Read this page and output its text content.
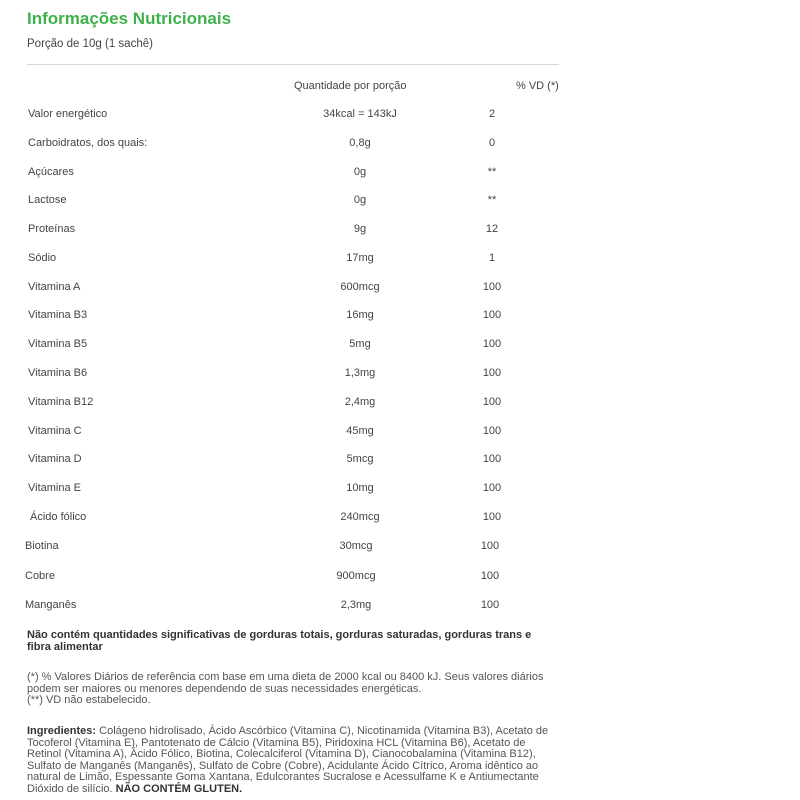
Informações Nutricionais
Porção de 10g (1 sachê)
Quantidade por porção	% VD (*)
Valor energético	34kcal = 143kJ	2
Carboidratos, dos quais:	0,8g	0
Açúcares	0g	**
Lactose	0g	**
Proteínas	9g	12
Sódio	17mg	1
Vitamina A	600mcg	100
Vitamina B3	16mg	100
Vitamina B5	5mg	100
Vitamina B6	1,3mg	100
Vitamina B12	2,4mg	100
Vitamina C	45mg	100
Vitamina D	5mcg	100
Vitamina E	10mg	100
Ácido fólico	240mcg	100
Biotina	30mcg	100
Cobre	900mcg	100
Manganês	2,3mg	100
Não contém quantidades significativas de gorduras totais, gorduras saturadas, gorduras trans e fibra alimentar
(*) % Valores Diários de referência com base em uma dieta de 2000 kcal ou 8400 kJ. Seus valores diários podem ser maiores ou menores dependendo de suas necessidades energéticas.
(**) VD não estabelecido.
Ingredientes: Colágeno hidrolisado, Ácido Ascórbico (Vitamina C), Nicotinamida (Vitamina B3), Acetato de Tocoferol (Vitamina E), Pantotenato de Cálcio (Vitamina B5), Piridoxina HCL (Vitamina B6), Acetato de Retinol (Vitamina A), Ácido Fólico, Biotina, Colecalciferol (Vitamina D), Cianocobalamina (Vitamina B12), Sulfato de Manganês (Manganês), Sulfato de Cobre (Cobre), Acidulante Ácido Cítrico, Aroma idêntico ao natural de Limão, Espessante Goma Xantana, Edulcorantes Sucralose e Acessulfame K e Antiumectante Dióxido de silício. NÃO CONTÉM GLUTEN.
